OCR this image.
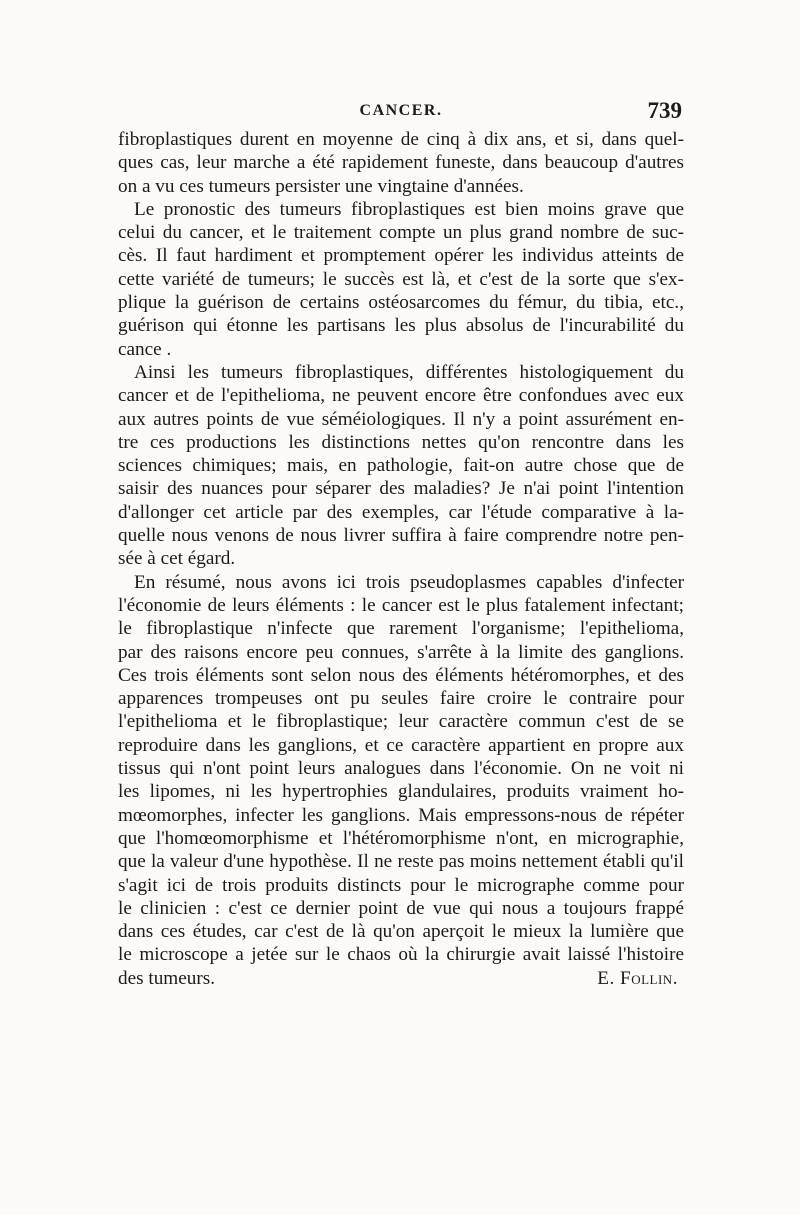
CANCER.	739
fibroplastiques durent en moyenne de cinq à dix ans, et si, dans quel-
ques cas, leur marche a été rapidement funeste, dans beaucoup d'autres
on a vu ces tumeurs persister une vingtaine d'années.
Le pronostic des tumeurs fibroplastiques est bien moins grave que
celui du cancer, et le traitement compte un plus grand nombre de suc-
cès. Il faut hardiment et promptement opérer les individus atteints de
cette variété de tumeurs; le succès est là, et c'est de la sorte que s'ex-
plique la guérison de certains ostéosarcomes du fémur, du tibia, etc.,
guérison qui étonne les partisans les plus absolus de l'incurabilité du
cance .
Ainsi les tumeurs fibroplastiques, différentes histologiquement du
cancer et de l'epithelioma, ne peuvent encore être confondues avec eux
aux autres points de vue séméiologiques. Il n'y a point assurément en-
tre ces productions les distinctions nettes qu'on rencontre dans les
sciences chimiques; mais, en pathologie, fait-on autre chose que de
saisir des nuances pour séparer des maladies? Je n'ai point l'intention
d'allonger cet article par des exemples, car l'étude comparative à la-
quelle nous venons de nous livrer suffira à faire comprendre notre pen-
sée à cet égard.
En résumé, nous avons ici trois pseudoplasmes capables d'infecter
l'économie de leurs éléments : le cancer est le plus fatalement infectant;
le fibroplastique n'infecte que rarement l'organisme; l'epithelioma,
par des raisons encore peu connues, s'arrête à la limite des ganglions.
Ces trois éléments sont selon nous des éléments hétéromorphes, et des
apparences trompeuses ont pu seules faire croire le contraire pour
l'epithelioma et le fibroplastique; leur caractère commun c'est de se
reproduire dans les ganglions, et ce caractère appartient en propre aux
tissus qui n'ont point leurs analogues dans l'économie. On ne voit ni
les lipomes, ni les hypertrophies glandulaires, produits vraiment ho-
mœomorphes, infecter les ganglions. Mais empressons-nous de répéter
que l'homœomorphisme et l'hétéromorphisme n'ont, en micrographie,
que la valeur d'une hypothèse. Il ne reste pas moins nettement établi qu'il
s'agit ici de trois produits distincts pour le micrographe comme pour
le clinicien : c'est ce dernier point de vue qui nous a toujours frappé
dans ces études, car c'est de là qu'on aperçoit le mieux la lumière que
le microscope a jetée sur le chaos où la chirurgie avait laissé l'histoire
des tumeurs.	E. Follin.
